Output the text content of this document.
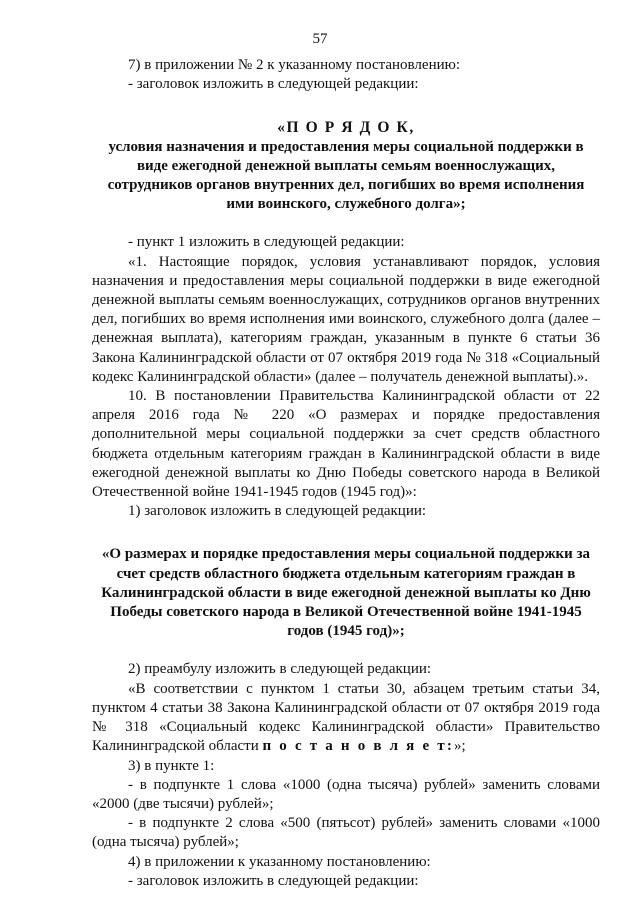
57

7) в приложении № 2 к указанному постановлению:

- заголовок изложить в следующей редакции:

«П О Р Я Д О К,

условия назначения и предоставления меры социальной поддержки в виде ежегодной денежной выплаты семьям военнослужащих, сотрудников органов внутренних дел, погибших во время исполнения ими воинского, служебного долга»;

- пункт 1 изложить в следующей редакции:

«1. Настоящие порядок, условия устанавливают порядок, условия назначения и предоставления меры социальной поддержки в виде ежегодной денежной выплаты семьям военнослужащих, сотрудников органов внутренних дел, погибших во время исполнения ими воинского, служебного долга (далее – денежная выплата), категориям граждан, указанным в пункте 6 статьи 36 Закона Калининградской области от 07 октября 2019 года № 318 «Социальный кодекс Калининградской области» (далее – получатель денежной выплаты).».

10. В постановлении Правительства Калининградской области от 22 апреля 2016 года № 220 «О размерах и порядке предоставления дополнительной меры социальной поддержки за счет средств областного бюджета отдельным категориям граждан в Калининградской области в виде ежегодной денежной выплаты ко Дню Победы советского народа в Великой Отечественной войне 1941-1945 годов (1945 год)»:

1) заголовок изложить в следующей редакции:

«О размерах и порядке предоставления меры социальной поддержки за счет средств областного бюджета отдельным категориям граждан в Калининградской области в виде ежегодной денежной выплаты ко Дню Победы советского народа в Великой Отечественной войне 1941-1945 годов (1945 год)»;

2) преамбулу изложить в следующей редакции:

«В соответствии с пунктом 1 статьи 30, абзацем третьим статьи 34, пунктом 4 статьи 38 Закона Калининградской области от 07 октября 2019 года № 318 «Социальный кодекс Калининградской области» Правительство Калининградской области п о с т а н о в л я е т:»;

3) в пункте 1:

- в подпункте 1 слова «1000 (одна тысяча) рублей» заменить словами «2000 (две тысячи) рублей»;

- в подпункте 2 слова «500 (пятьсот) рублей» заменить словами «1000 (одна тысяча) рублей»;

4) в приложении к указанному постановлению:

- заголовок изложить в следующей редакции:
